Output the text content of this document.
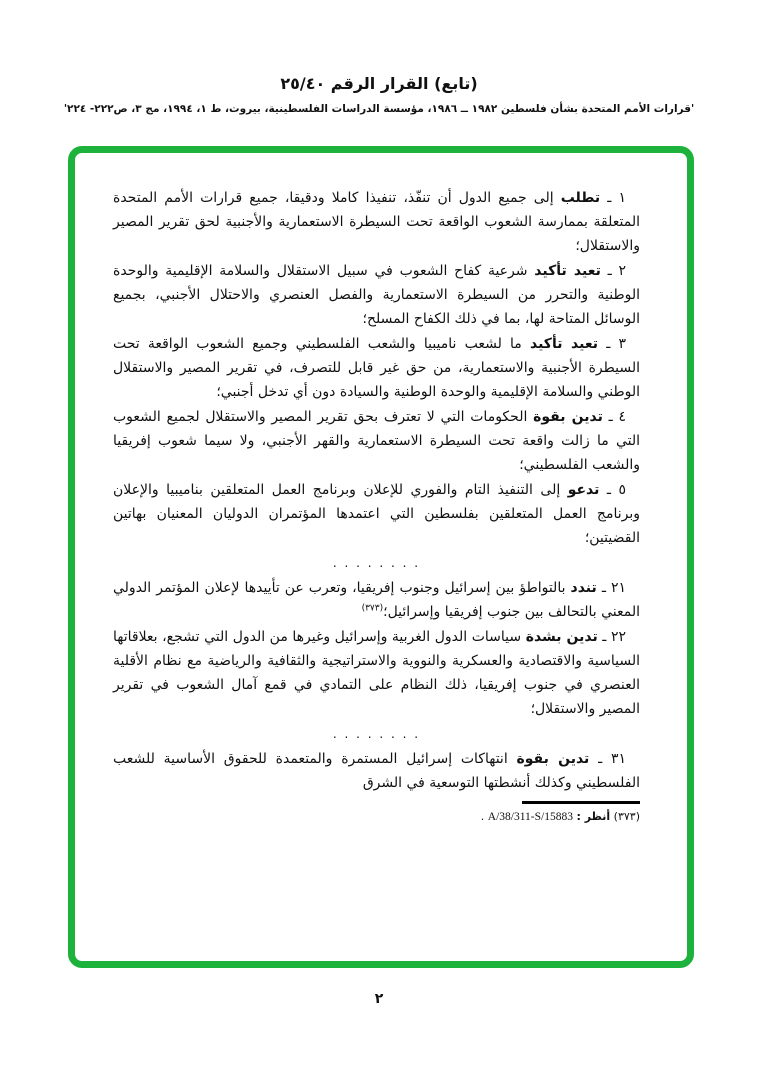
(تابع) القرار الرقم ٢٥/٤٠
'قرارات الأمم المتحدة بشأن فلسطين ١٩٨٢ ــ ١٩٨٦، مؤسسة الدراسات الفلسطينية، بيروت، ط ١، ١٩٩٤، مج ٣، ص٢٢٢- ٢٢٤'

١ ـ تطلب إلى جميع الدول أن تنفّذ، تنفيذا كاملا ودقيقا، جميع قرارات الأمم المتحدة المتعلقة بممارسة الشعوب الواقعة تحت السيطرة الاستعمارية والأجنبية لحق تقرير المصير والاستقلال؛

٢ ـ تعيد تأكيد شرعية كفاح الشعوب في سبيل الاستقلال والسلامة الإقليمية والوحدة الوطنية والتحرر من السيطرة الاستعمارية والفصل العنصري والاحتلال الأجنبي، بجميع الوسائل المتاحة لها، بما في ذلك الكفاح المسلح؛

٣ ـ تعيد تأكيد ما لشعب ناميبيا والشعب الفلسطيني وجميع الشعوب الواقعة تحت السيطرة الأجنبية والاستعمارية، من حق غير قابل للتصرف، في تقرير المصير والاستقلال الوطني والسلامة الإقليمية والوحدة الوطنية والسيادة دون أي تدخل أجنبي؛

٤ ـ تدين بقوة الحكومات التي لا تعترف بحق تقرير المصير والاستقلال لجميع الشعوب التي ما زالت واقعة تحت السيطرة الاستعمارية والقهر الأجنبي، ولا سيما شعوب إفريقيا والشعب الفلسطيني؛

٥ ـ تدعو إلى التنفيذ التام والفوري للإعلان وبرنامج العمل المتعلقين بناميبيا والإعلان وبرنامج العمل المتعلقين بفلسطين التي اعتمدها المؤتمران الدوليان المعنيان بهاتين القضيتين؛

. . . . . . . .

٢١ ـ تندد بالتواطؤ بين إسرائيل وجنوب إفريقيا، وتعرب عن تأييدها لإعلان المؤتمر الدولي المعني بالتحالف بين جنوب إفريقيا وإسرائيل؛$^{(٣٧٣)}$

٢٢ ـ تدين بشدة سياسات الدول الغربية وإسرائيل وغيرها من الدول التي تشجع، بعلاقاتها السياسية والاقتصادية والعسكرية والنووية والاستراتيجية والثقافية والرياضية مع نظام الأقلية العنصري في جنوب إفريقيا، ذلك النظام على التمادي في قمع آمال الشعوب في تقرير المصير والاستقلال؛

. . . . . . . .

٣١ ـ تدين بقوة انتهاكات إسرائيل المستمرة والمتعمدة للحقوق الأساسية للشعب الفلسطيني وكذلك أنشطتها التوسعية في الشرق

(٣٧٣) أنظر : A/38/311-S/15883 .
٢
